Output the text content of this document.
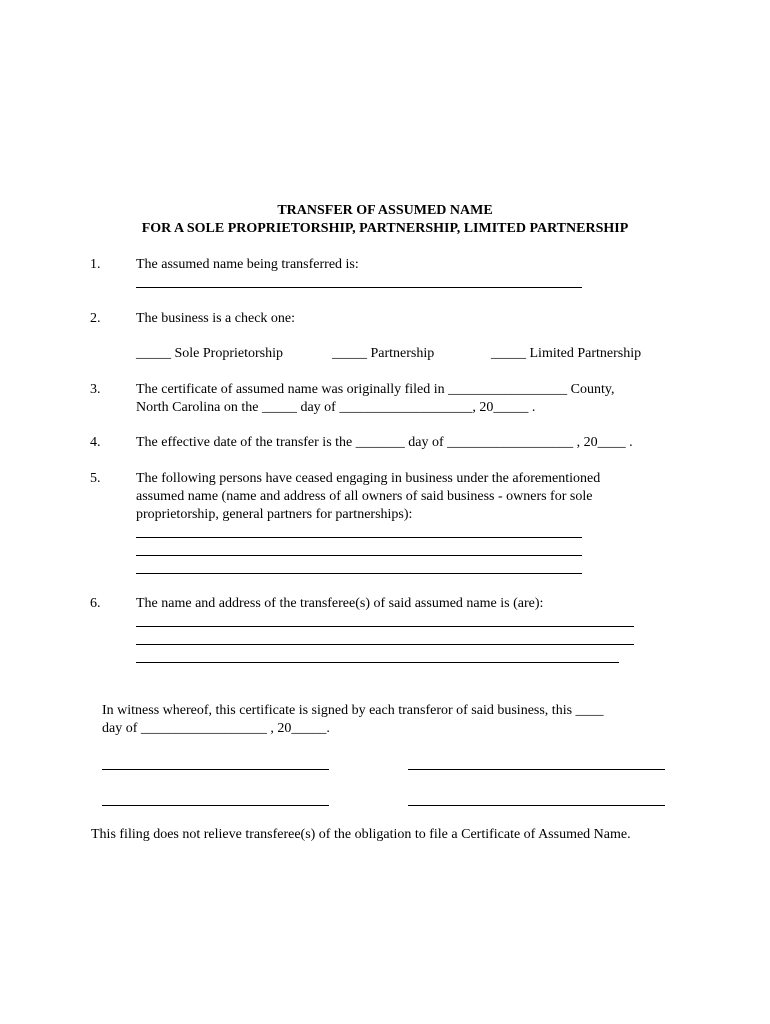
TRANSFER OF ASSUMED NAME
FOR A SOLE PROPRIETORSHIP, PARTNERSHIP, LIMITED PARTNERSHIP
1.	The assumed name being transferred is:
2.	The business is a check one:
_____ Sole Proprietorship	_____ Partnership	_____ Limited Partnership
3.	The certificate of assumed name was originally filed in _________________ County,
North Carolina on the _____ day of ___________________, 20_____ .
4.	The effective date of the transfer is the _______ day of __________________ , 20____ .
5.	The following persons have ceased engaging in business under the aforementioned
assumed name (name and address of all owners of said business - owners for sole
proprietorship, general partners for partnerships):
6.	The name and address of the transferee(s) of said assumed name is (are):
In witness whereof, this certificate is signed by each transferor of said business, this ____
day of __________________ , 20_____.
This filing does not relieve transferee(s) of the obligation to file a Certificate of Assumed Name.
